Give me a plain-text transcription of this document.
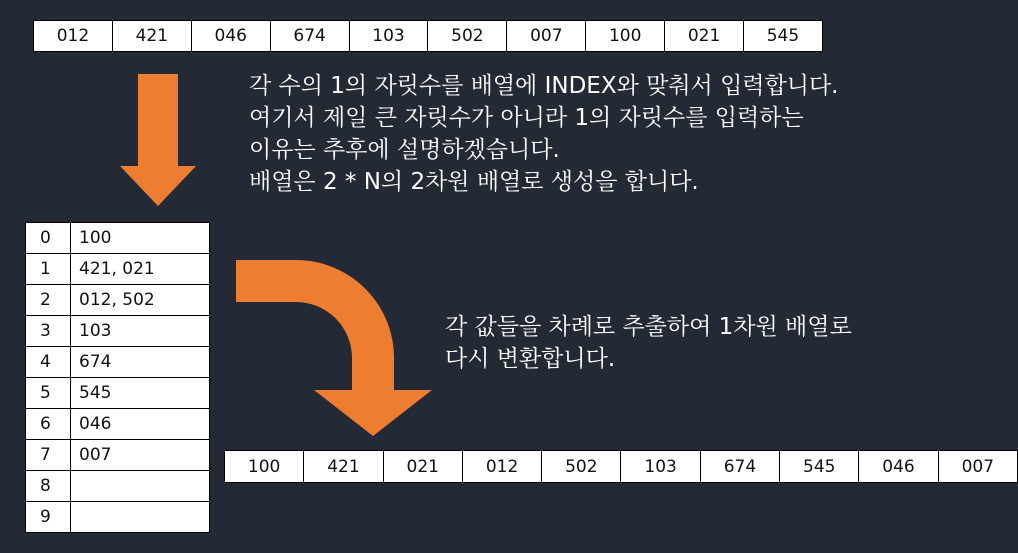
012	421	046	674	103	502	007	100	021	545
각 수의 1의 자릿수를 배열에 INDEX와 맞춰서 입력합니다.
여기서 제일 큰 자릿수가 아니라 1의 자릿수를 입력하는
이유는 추후에 설명하겠습니다.
배열은 2 * N의 2차원 배열로 생성을 합니다.
0	100
1	421, 021
2	012, 502
3	103
4	674
5	545
6	046
7	007
8	
9	
각 값들을 차례로 추출하여 1차원 배열로
다시 변환합니다.
100	421	021	012	502	103	674	545	046	007
